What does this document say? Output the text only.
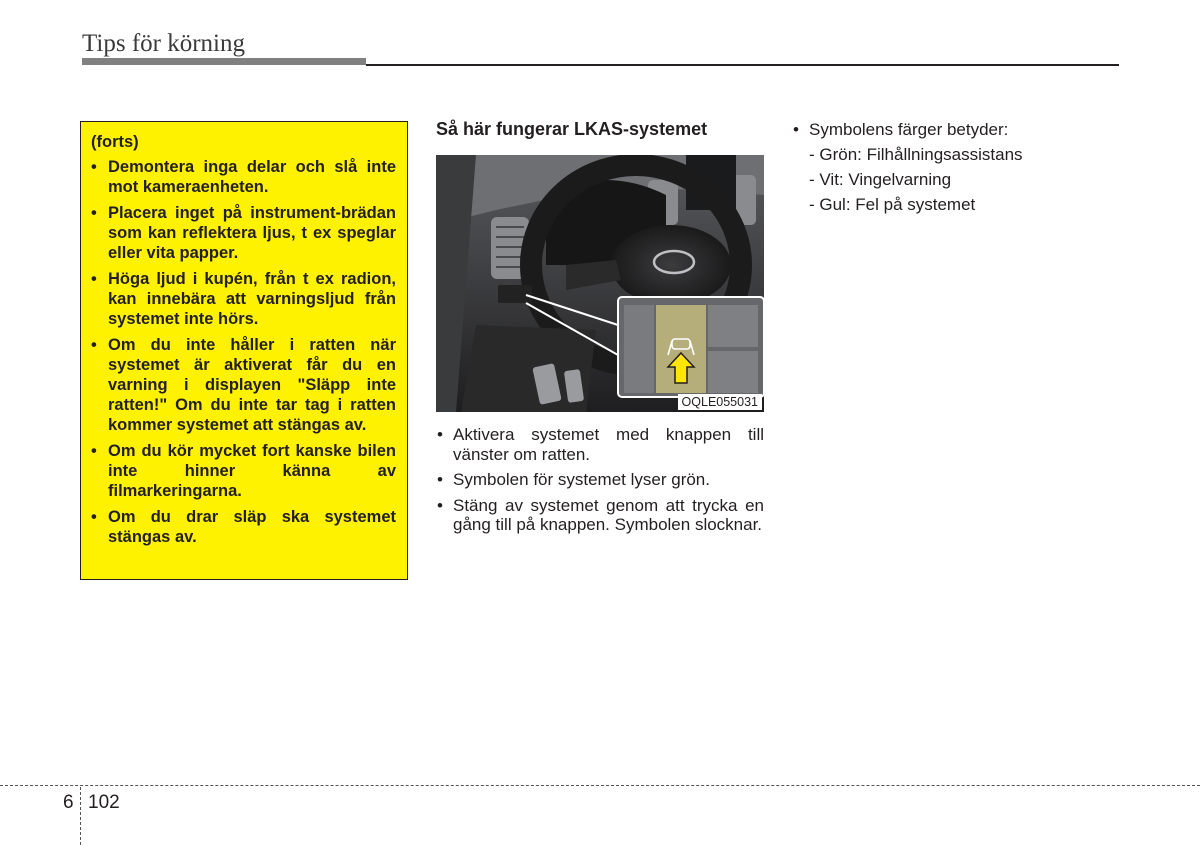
Tips för körning
(forts)
• Demontera inga delar och slå inte mot kameraenheten.
• Placera inget på instrument-brädan som kan reflektera ljus, t ex speglar eller vita papper.
• Höga ljud i kupén, från t ex radion, kan innebära att varningsljud från systemet inte hörs.
• Om du inte håller i ratten när systemet är aktiverat får du en varning i displayen "Släpp inte ratten!" Om du inte tar tag i ratten kommer systemet att stängas av.
• Om du kör mycket fort kanske bilen inte hinner känna av filmarkeringarna.
• Om du drar släp ska systemet stängas av.
Så här fungerar LKAS-systemet
OQLE055031
• Aktivera systemet med knappen till vänster om ratten.
• Symbolen för systemet lyser grön.
• Stäng av systemet genom att trycka en gång till på knappen. Symbolen slocknar.
• Symbolens färger betyder:
- Grön: Filhållningsassistans
- Vit: Vingelvarning
- Gul: Fel på systemet
6 102
